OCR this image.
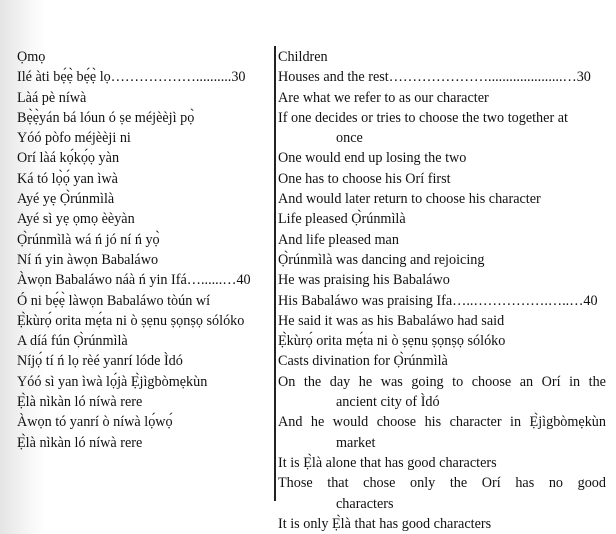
Ọmọ
Ilé àti bẹ́ẹ̀ bẹ́ẹ̀ lọ………………..........30
Làá pè níwà
Bẹ̀ẹ̀yán bá lóun ó ṣe méjèèjì pọ̀
Yóó pòfo méjèèji ni
Orí làá kọ́kọ́ọ yàn
Ká tó lọ̀ọ́ yan ìwà
Ayé yẹ Ọ̀rúnmìlà
Ayé sì yẹ ọmọ èèyàn
Ọ̀rúnmìlà wá ń jó ní ń yọ̀
Ní ń yin àwọn Babaláwo
Àwọn Babaláwo náà ń yin Ifá…......…40
Ó ni bẹ́ẹ̀ làwọn Babaláwo tòún wí
Ẹ̀kùrọ́ orita mẹ́ta ni ò ṣẹnu ṣọnṣọ sólóko
A díá fún Ọ̀rúnmìlà
Níjọ́ tí ń lọ rèé yanrí lóde Ìdó
Yóó sì yan ìwà lọ́jà Ẹ̀jìgbòmẹkùn
Ẹ̀là nìkàn ló níwà rere
Àwọn tó yanrí ò níwà lọ́wọ́
Ẹ̀là nìkàn ló níwà rere
Children
Houses and the rest………………….....................…30
Are what we refer to as our character
If one decides or tries to choose the two together at
once
One would end up losing the two
One has to choose his Orí first
And would later return to choose his character
Life pleased Ọ̀rúnmìlà
And life pleased man
Ọ̀rúnmìlà was dancing and rejoicing
He was praising his Babaláwo
His Babaláwo was praising Ifa…..…………….…..…40
He said it was as his Babaláwo had said
Ẹ̀kùrọ́ orita mẹ́ta ni ò ṣẹnu ṣọnṣọ sólóko
Casts divination for Ọ̀rúnmìlà
On the day he was going to choose an Orí in the
ancient city of Ìdó
And he would choose his character in Ẹ̀jìgbòmẹkùn
market
It is Ẹ̀là alone that has good characters
Those that chose only the Orí has no good
characters
It is only Ẹ̀là that has good characters
